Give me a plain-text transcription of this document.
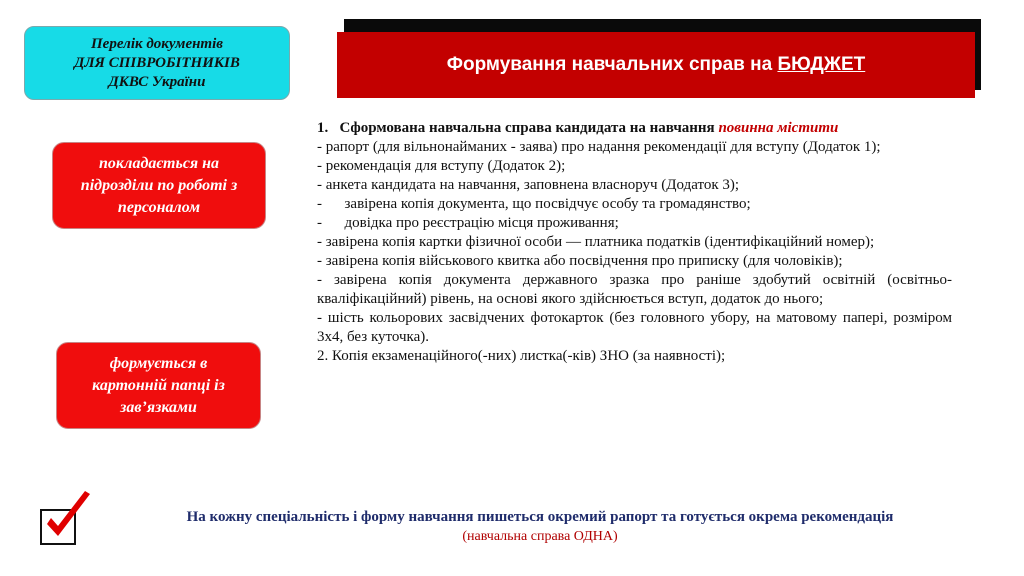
Перелік документів
ДЛЯ СПІВРОБІТНИКІВ
ДКВС України
Формування навчальних справ на БЮДЖЕТ
покладається на
підрозділи по роботі з
персоналом
формується в
картонній папці із
зав’язками

1.   Сформована навчальна справа кандидата на навчання повинна містити

- рапорт (для вільнонайманих - заява) про надання рекомендації для вступу (Додаток 1);

- рекомендація для вступу (Додаток 2);

- анкета кандидата на навчання, заповнена власноруч (Додаток 3);

-      завірена копія документа, що посвідчує особу та громадянство;

-      довідка про реєстрацію місця проживання;

- завірена копія картки фізичної особи — платника податків (ідентифікаційний номер);

- завірена копія військового квитка або посвідчення про приписку (для чоловіків);

- завірена копія документа державного зразка про раніше здобутий освітній (освітньо-кваліфікаційний) рівень, на основі якого здійснюється вступ, додаток до нього;

- шість кольорових засвідчених фотокарток (без головного убору, на матовому папері, розміром 3х4, без куточка).

2. Копія екзаменаційного(-них) листка(-ків) ЗНО (за наявності);

На кожну спеціальність і форму навчання пишеться окремий рапорт та готується окрема рекомендація
(навчальна справа ОДНА)
